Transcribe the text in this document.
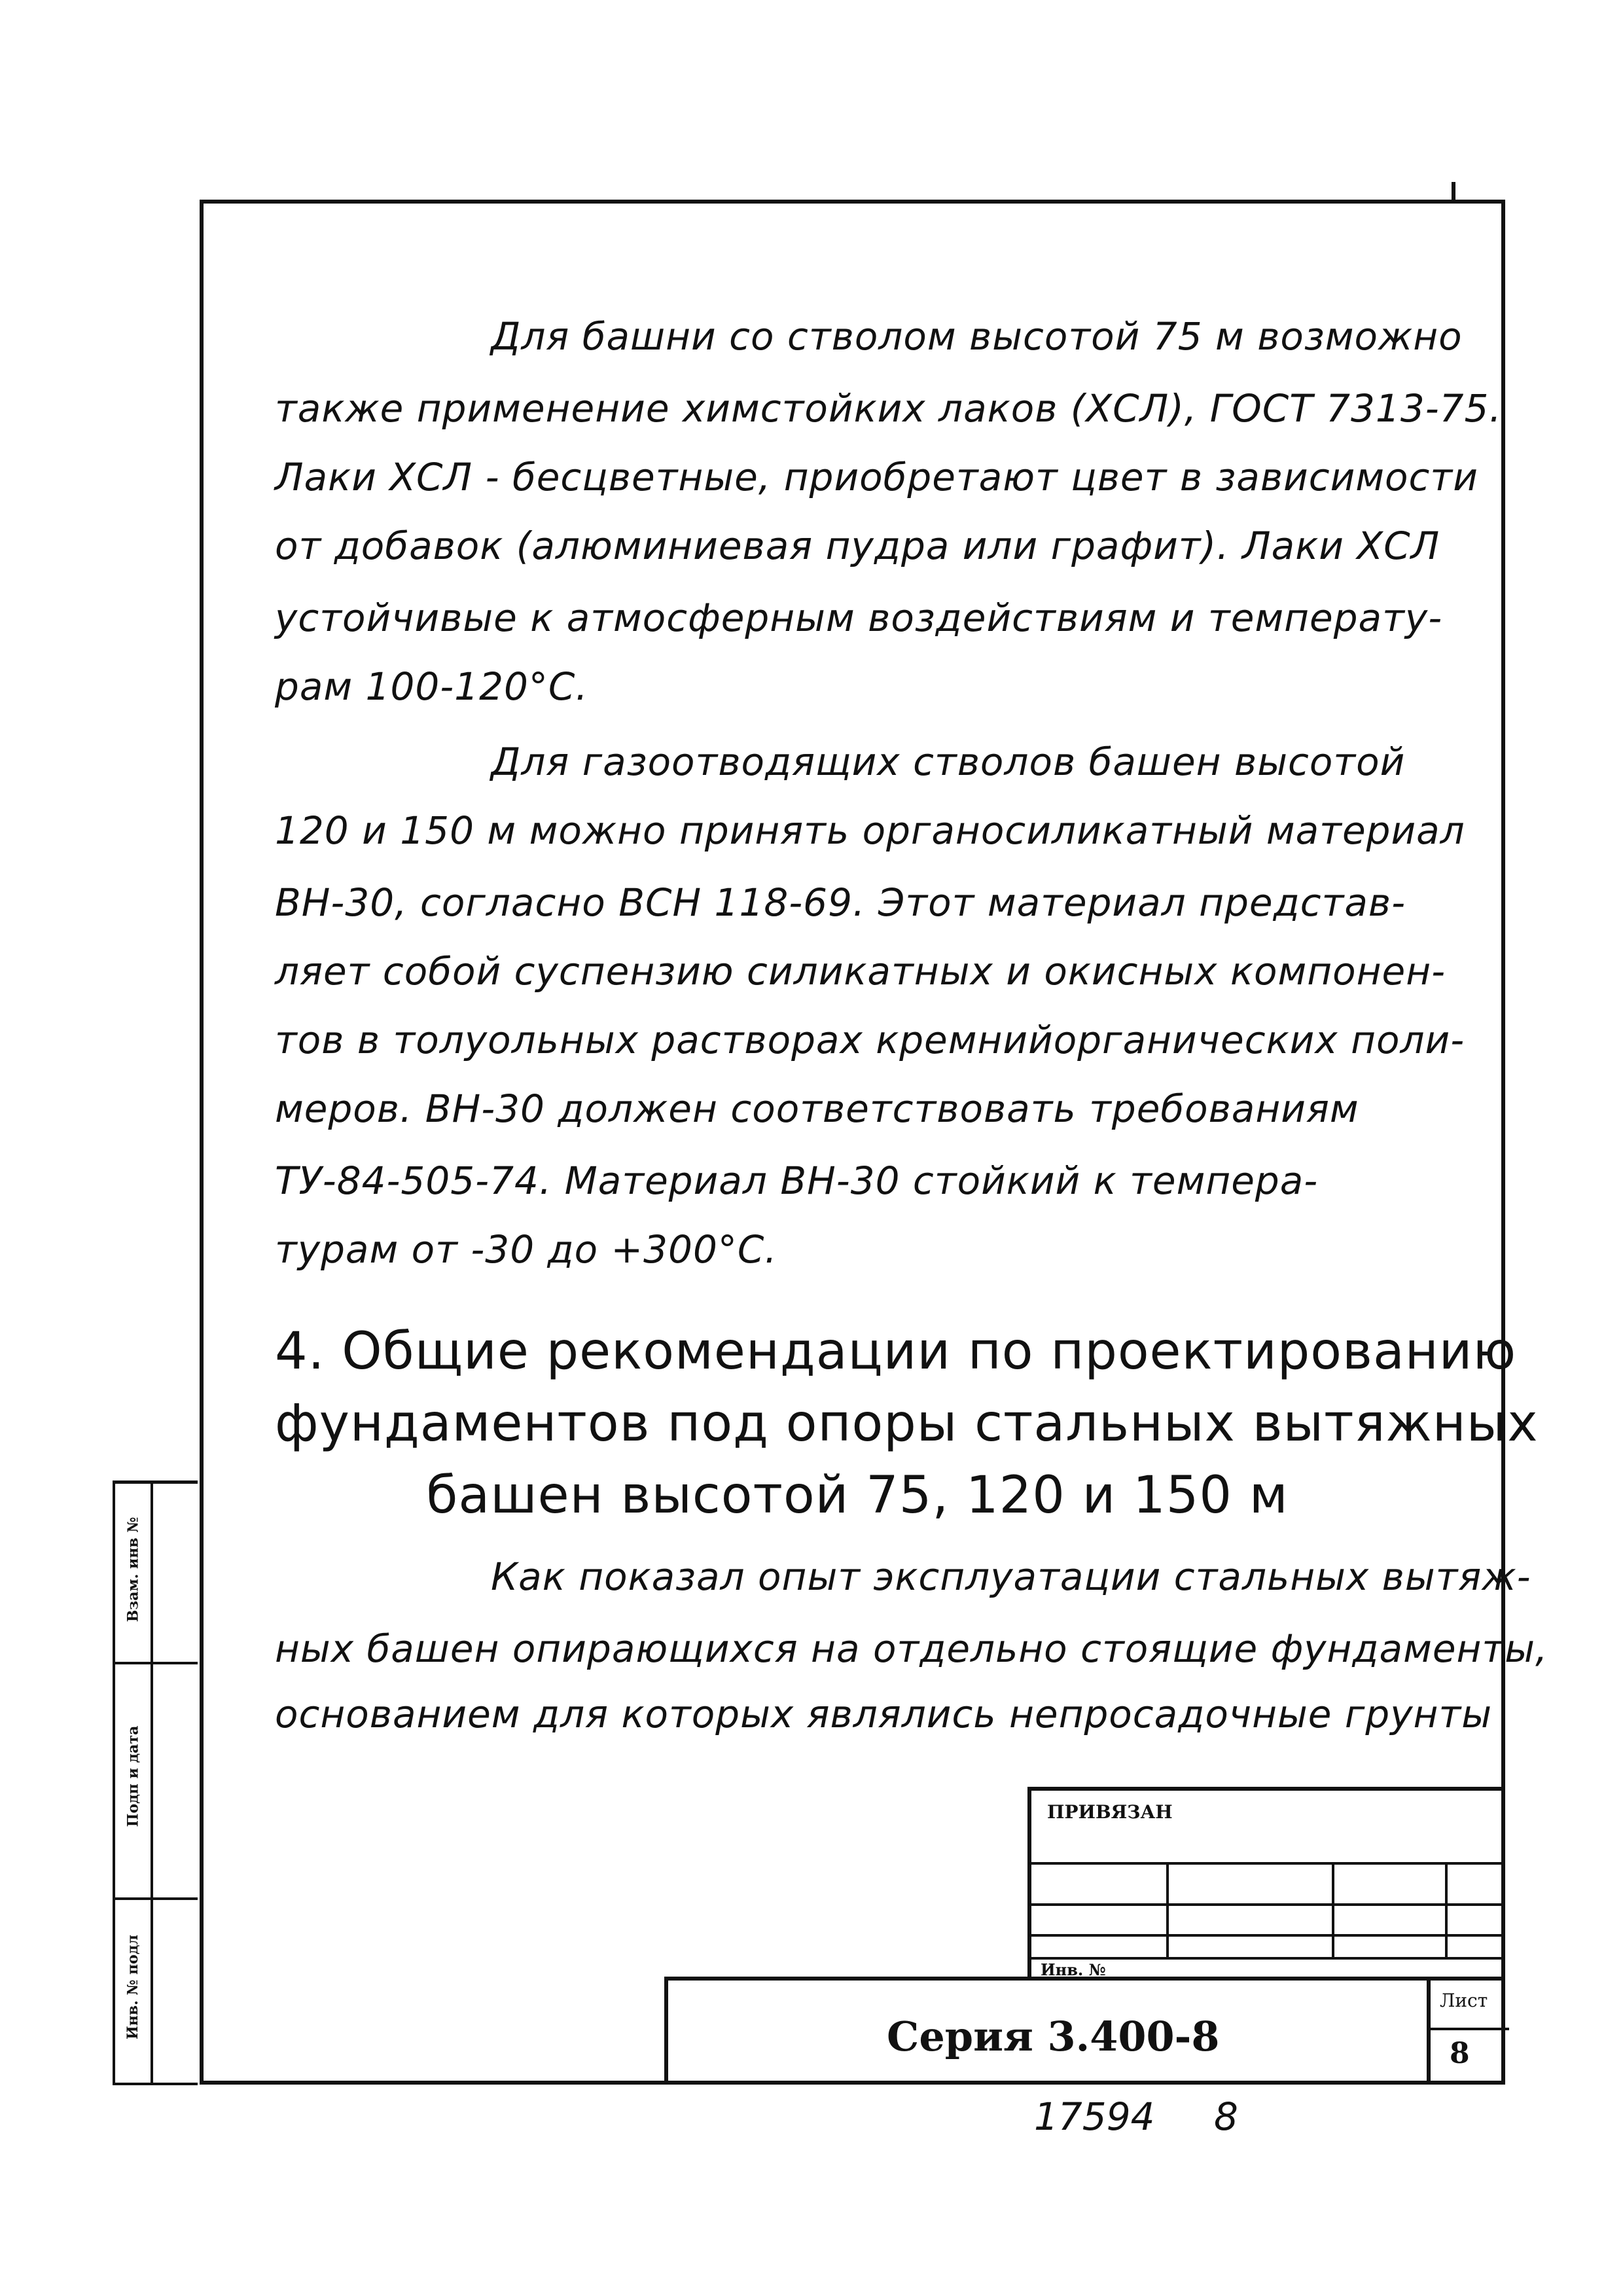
Для башни со стволом высотой 75 м возможно
также применение химстойких лаков (ХСЛ), ГОСТ 7313-75.
Лаки ХСЛ - бесцветные, приобретают цвет в зависимости
от добавок (алюминиевая пудра или графит). Лаки ХСЛ
устойчивые к атмосферным воздействиям и температу-
рам 100-120°С.
Для газоотводящих стволов башен высотой
120 и 150 м можно принять органосиликатный материал
ВН-30, согласно ВСН 118-69. Этот материал представ-
ляет собой суспензию силикатных и окисных компонен-
тов в толуольных растворах кремнийорганических поли-
меров. ВН-30 должен соответствовать требованиям
ТУ-84-505-74. Материал ВН-30 стойкий к темпера-
турам от -30 до +300°С.
4. Общие рекомендации по проектированию
фундаментов под опоры стальных вытяжных
башен высотой 75, 120 и 150 м
Как показал опыт эксплуатации стальных вытяж-
ных башен опирающихся на отдельно стоящие фундаменты,
основанием для которых являлись непросадочные грунты
Взам. инв №
Подп и дата
Инв. № подл
ПРИВЯЗАН
Инв. №
Серия 3.400-8
Лист
8
17594 8
